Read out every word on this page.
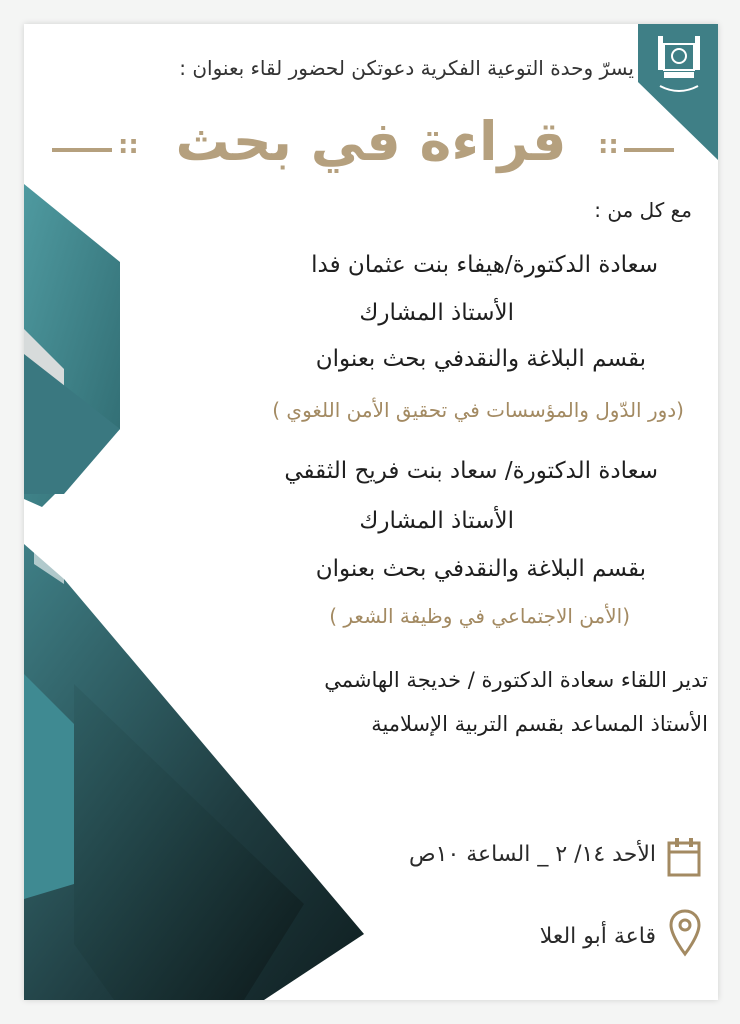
يسرّ وحدة التوعية الفكرية دعوتكن لحضور لقاء بعنوان :
:: قراءة في بحث	::
مع كل من :
سعادة الدكتورة/هيفاء بنت عثمان فدا
الأستاذ المشارك
بقسم البلاغة والنقدفي بحث بعنوان
(دور الدّول والمؤسسات في تحقيق الأمن اللغوي )
سعادة الدكتورة/ سعاد بنت فريح الثقفي
الأستاذ المشارك
بقسم البلاغة والنقدفي بحث بعنوان
(الأمن الاجتماعي في وظيفة الشعر )
تدير اللقاء سعادة الدكتورة / خديجة الهاشمي
الأستاذ المساعد بقسم التربية الإسلامية
الأحد ١٤/ ٢ _ الساعة ١٠ص
قاعة أبو العلا
